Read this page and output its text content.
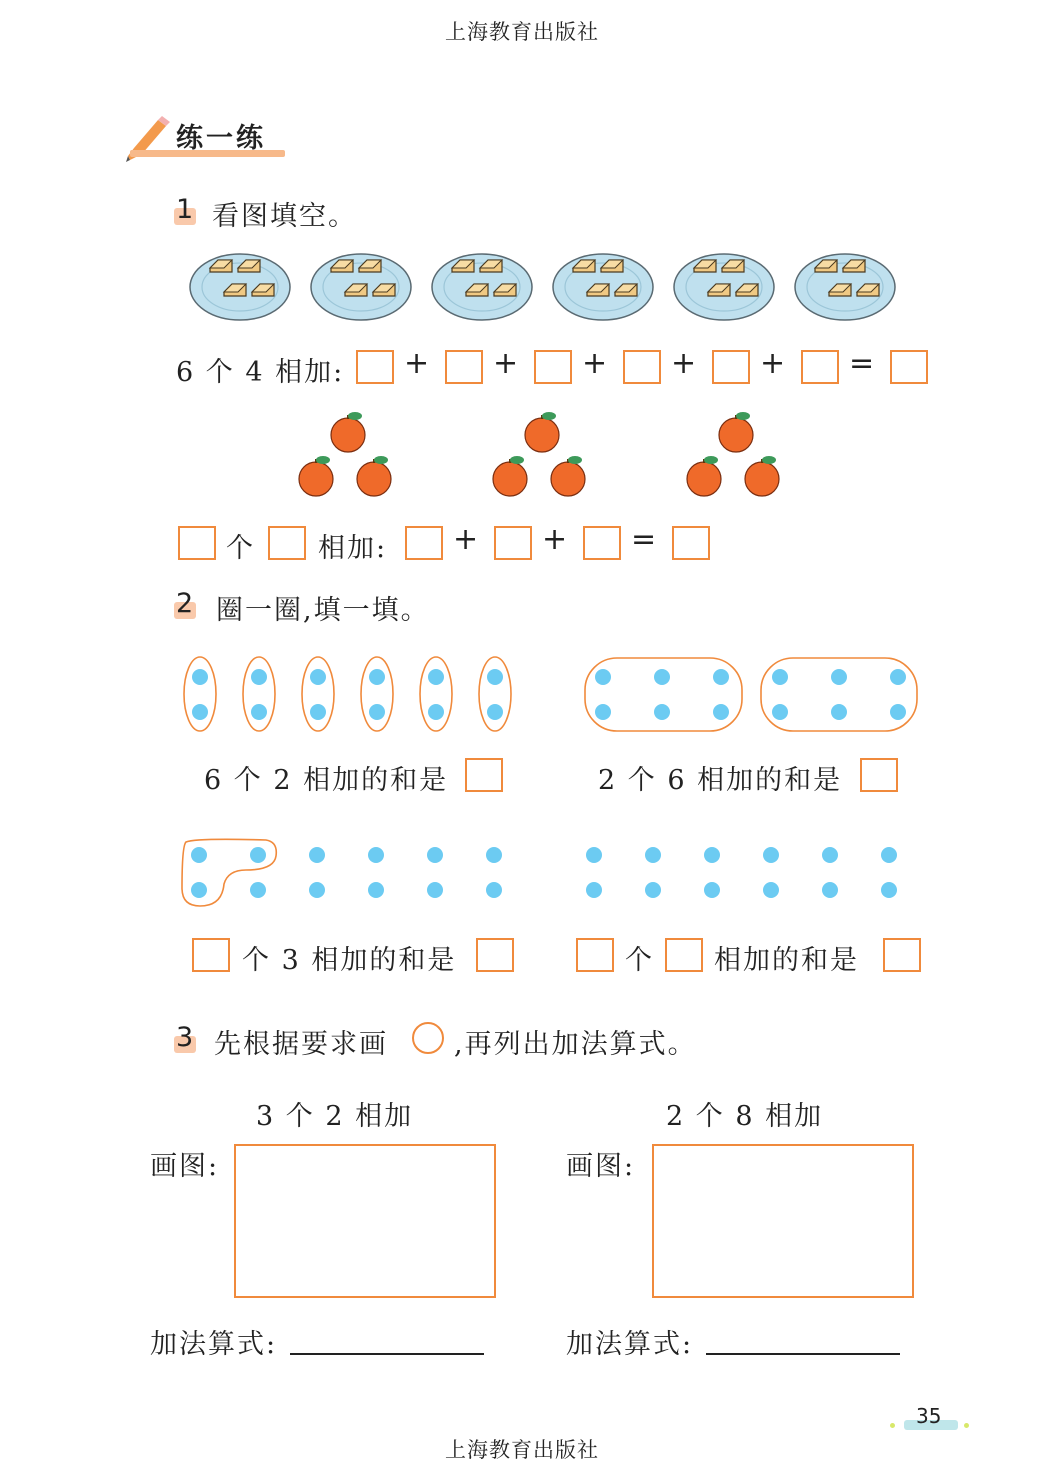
上海教育出版社
练一练
1 看图填空。
6 个 4 相加: + + + + + =
个 相加: + + =
2 圈一圈,填一填。
6 个 2 相加的和是	2 个 6 相加的和是
个 3 相加的和是	个 相加的和是
3 先根据要求画 ,再列出加法算式。
3 个 2 相加	2 个 8 相加
画图:	画图:
加法算式:	加法算式:
35
上海教育出版社
